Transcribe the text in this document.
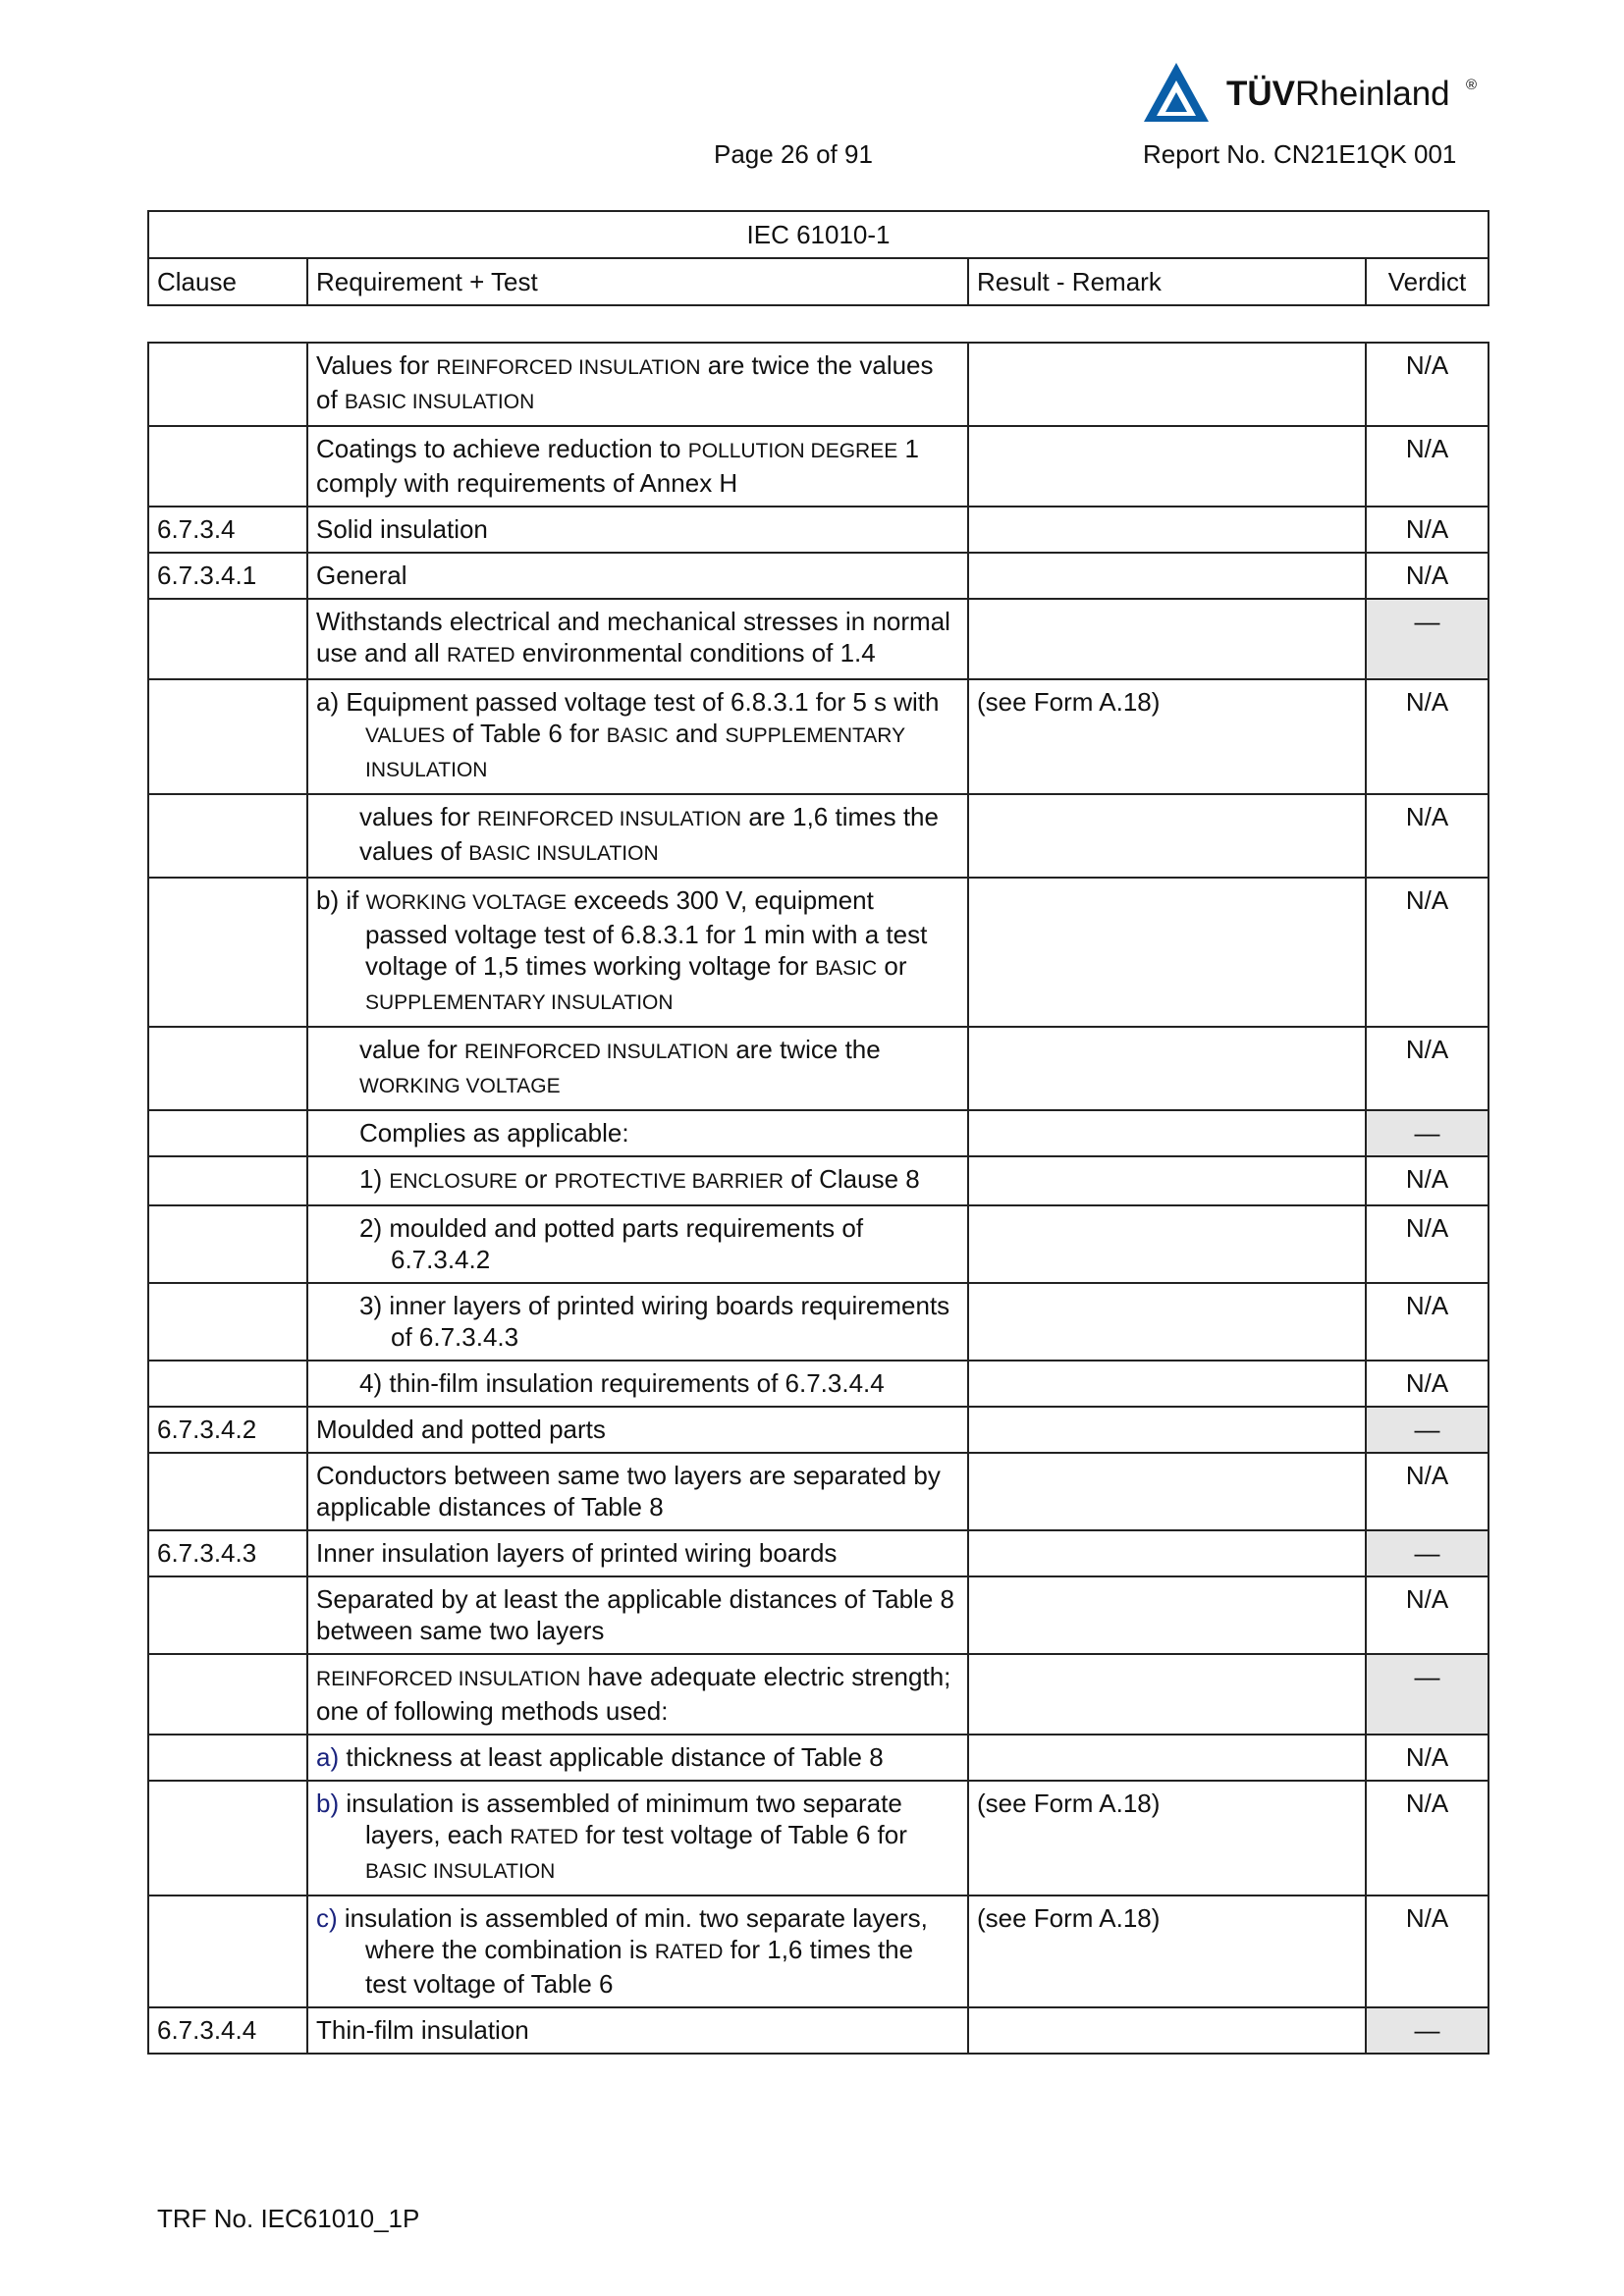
TÜVRheinland ®
Page 26 of 91	Report No. CN21E1QK 001
IEC 61010-1
Clause	Requirement + Test	Result - Remark	Verdict
	Values for REINFORCED INSULATION are twice the values of BASIC INSULATION		N/A
	Coatings to achieve reduction to POLLUTION DEGREE 1 comply with requirements of Annex H		N/A
6.7.3.4	Solid insulation		N/A
6.7.3.4.1	General		N/A
	Withstands electrical and mechanical stresses in normal use and all RATED environmental conditions of 1.4		—

	a) Equipment passed voltage test of 6.8.3.1 for 5 s with VALUES of Table 6 for BASIC and SUPPLEMENTARY INSULATION	(see Form A.18)	N/A

	values for REINFORCED INSULATION are 1,6 times the values of BASIC INSULATION		N/A

	b) if WORKING VOLTAGE exceeds 300 V, equipment passed voltage test of 6.8.3.1 for 1 min with a test voltage of 1,5 times working voltage for BASIC or SUPPLEMENTARY INSULATION		N/A

	value for REINFORCED INSULATION are twice the WORKING VOLTAGE		N/A

	Complies as applicable:		—

	1) ENCLOSURE or PROTECTIVE BARRIER of Clause 8		N/A

	2) moulded and potted parts requirements of 6.7.3.4.2		N/A

	3) inner layers of printed wiring boards requirements of 6.7.3.4.3		N/A

	4) thin-film insulation requirements of 6.7.3.4.4		N/A
6.7.3.4.2	Moulded and potted parts		—
	Conductors between same two layers are separated by applicable distances of Table 8		N/A
6.7.3.4.3	Inner insulation layers of printed wiring boards		—
	Separated by at least the applicable distances of Table 8 between same two layers		N/A
	REINFORCED INSULATION have adequate electric strength; one of following methods used:		—

	a) thickness at least applicable distance of Table 8		N/A

	b) insulation is assembled of minimum two separate layers, each RATED for test voltage of Table 6 for BASIC INSULATION	(see Form A.18)	N/A

	c) insulation is assembled of min. two separate layers, where the combination is RATED for 1,6 times the test voltage of Table 6	(see Form A.18)	N/A
6.7.3.4.4	Thin-film insulation		—
TRF No. IEC61010_1P
